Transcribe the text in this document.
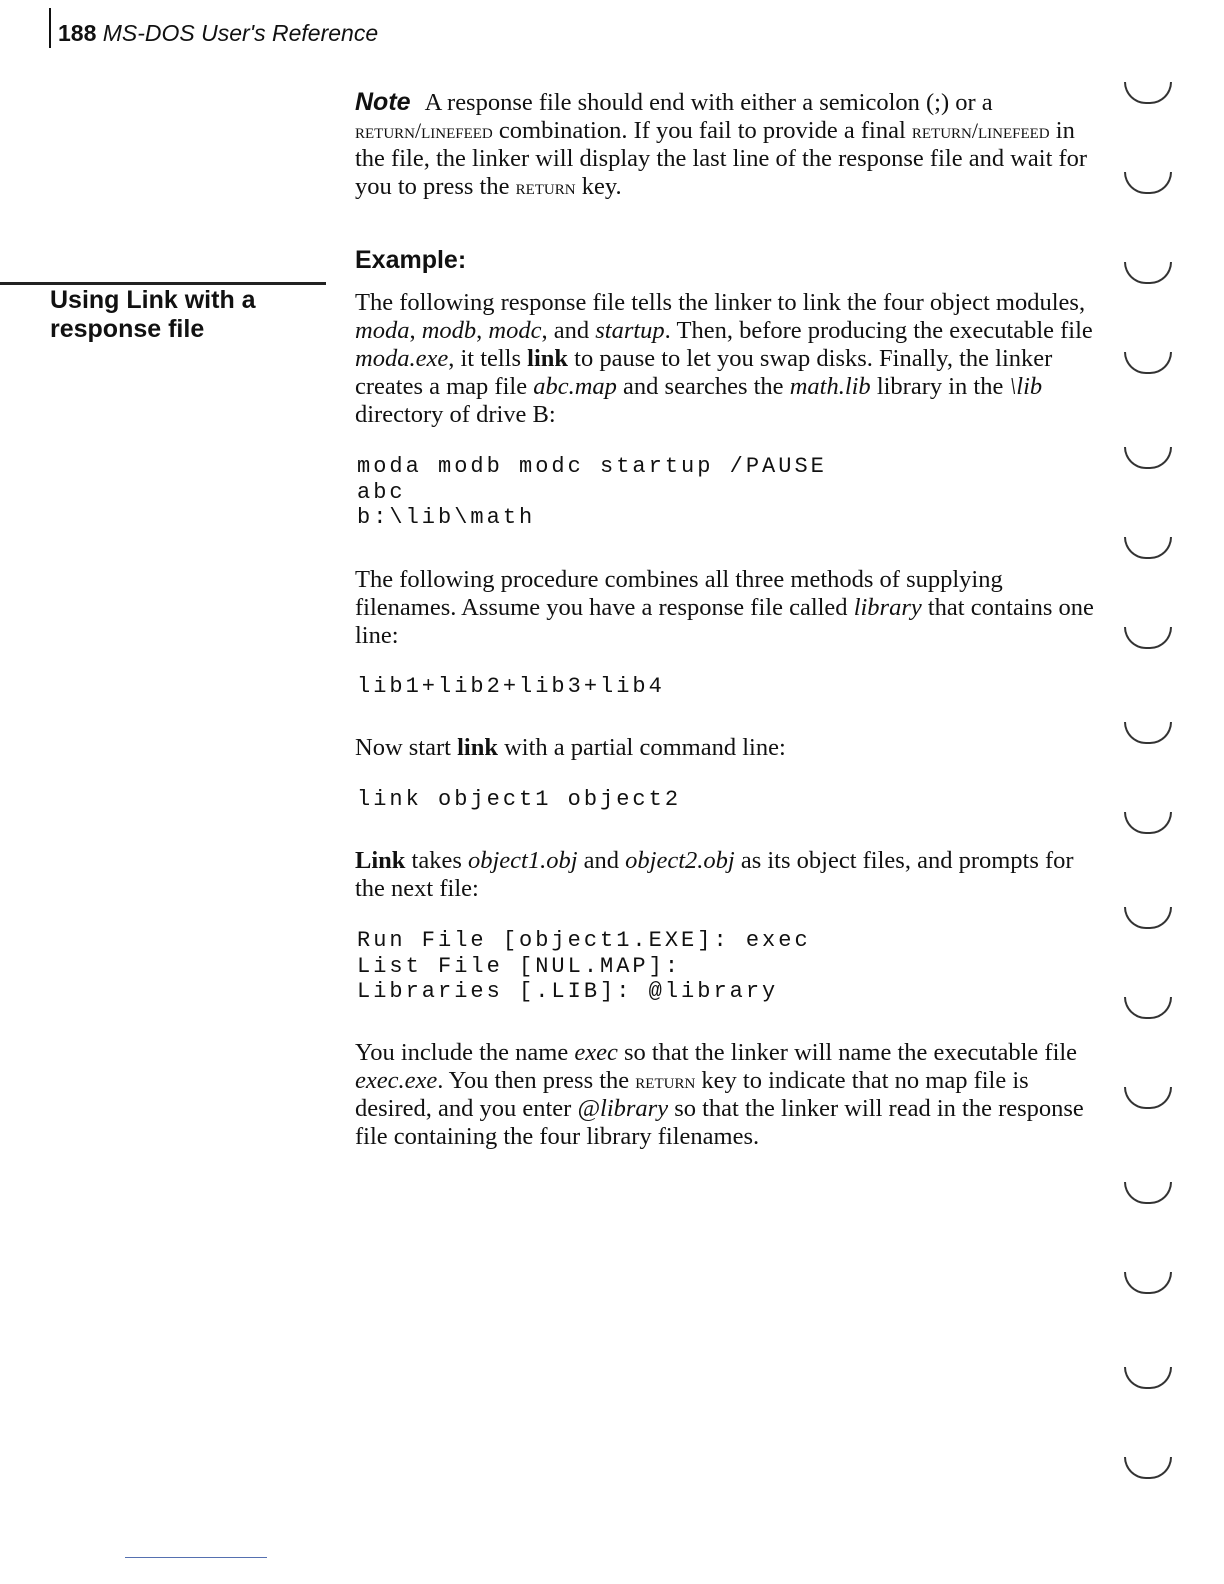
188 MS-DOS User's Reference
Using Link with a response file
Note A response file should end with either a semicolon (;) or a return/linefeed combination. If you fail to provide a final return/linefeed in the file, the linker will display the last line of the response file and wait for you to press the return key.
Example:
The following response file tells the linker to link the four object modules, moda, modb, modc, and startup. Then, before producing the executable file moda.exe, it tells link to pause to let you swap disks. Finally, the linker creates a map file abc.map and searches the math.lib library in the \lib directory of drive B:
moda modb modc startup /PAUSE
abc
b:\lib\math
The following procedure combines all three methods of supplying filenames. Assume you have a response file called library that contains one line:
lib1+lib2+lib3+lib4
Now start link with a partial command line:
link object1 object2
Link takes object1.obj and object2.obj as its object files, and prompts for the next file:
Run File [object1.EXE]: exec
List File [NUL.MAP]:
Libraries [.LIB]: @library
You include the name exec so that the linker will name the executable file exec.exe. You then press the return key to indicate that no map file is desired, and you enter @library so that the linker will read in the response file containing the four library filenames.
